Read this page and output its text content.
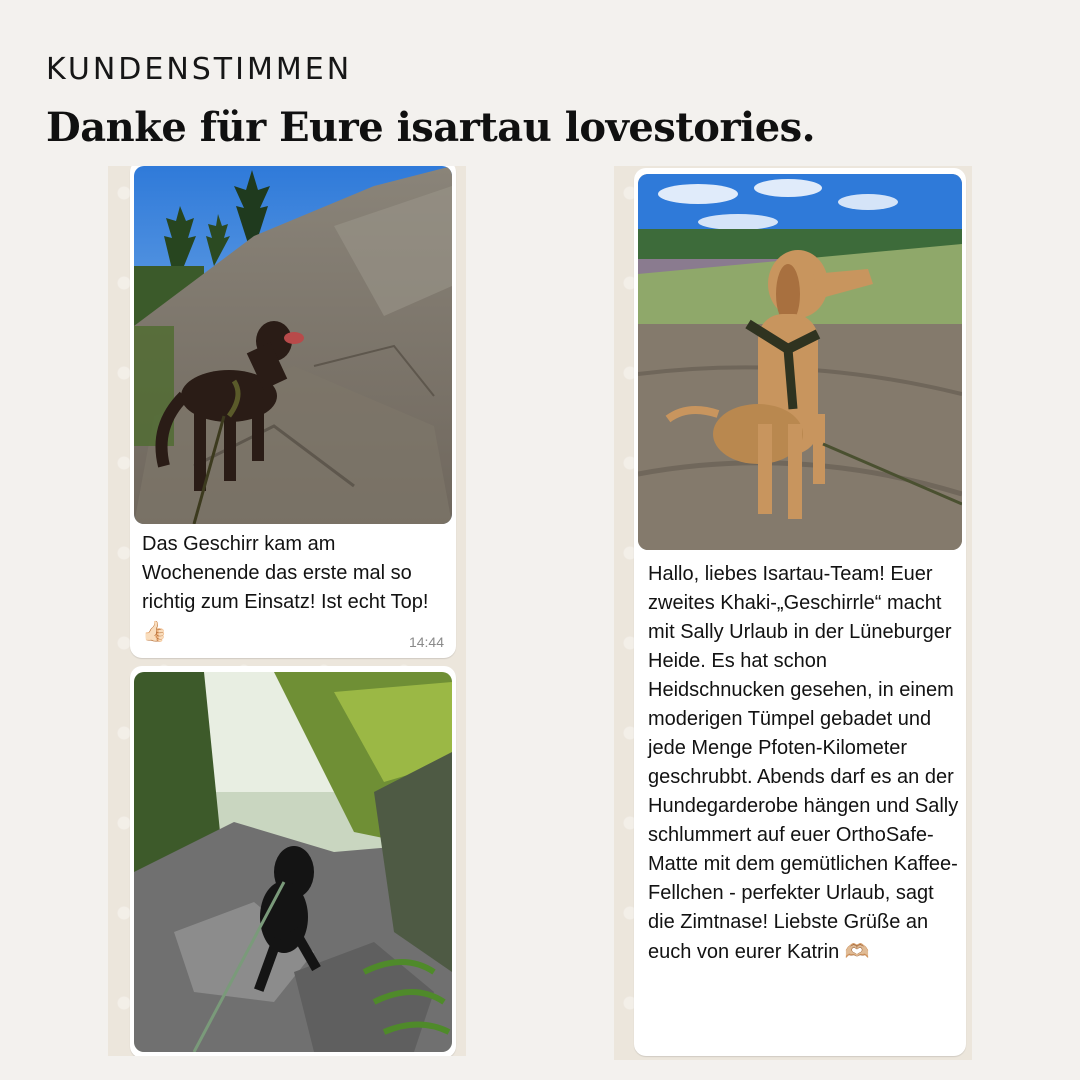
KUNDENSTIMMEN
Danke für Eure isartau lovestories.
Das Geschirr kam am Wochenende das erste mal so richtig zum Einsatz! Ist echt Top!👍🏻	14:44
Hallo, liebes Isartau-Team! Euer zweites Khaki-„Geschirrle“ macht mit Sally Urlaub in der Lüneburger Heide. Es hat schon Heidschnucken gesehen, in einem moderigen Tümpel gebadet und jede Menge Pfoten-Kilometer geschrubbt. Abends darf es an der Hundegarderobe hängen und Sally schlummert auf euer OrthoSafe-Matte mit dem gemütlichen Kaffee-Fellchen - perfekter Urlaub, sagt die Zimtnase! Liebste Grüße an euch von eurer Katrin 🫶🏼
